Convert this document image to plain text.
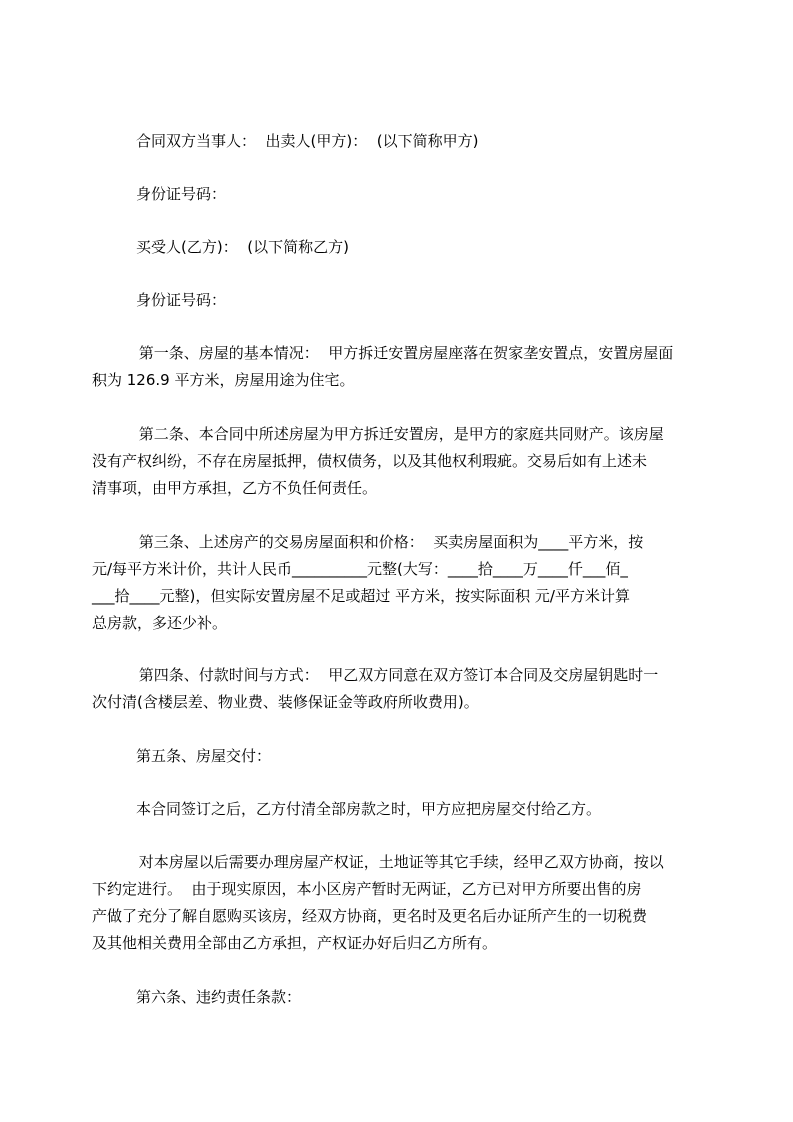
合同双方当事人：  出卖人(甲方)：  (以下简称甲方)
身份证号码：
买受人(乙方)：  (以下简称乙方)
身份证号码：
第一条、房屋的基本情况：  甲方拆迁安置房屋座落在贺家垄安置点，安置房屋面
积为 126.9 平方米，房屋用途为住宅。
第二条、本合同中所述房屋为甲方拆迁安置房，是甲方的家庭共同财产。该房屋
没有产权纠纷，不存在房屋抵押，债权债务，以及其他权利瑕疵。交易后如有上述未
清事项，由甲方承担，乙方不负任何责任。
第三条、上述房产的交易房屋面积和价格：  买卖房屋面积为____平方米，按
元/每平方米计价，共计人民币__________元整(大写：____拾____万____仟___佰_
___拾____元整)，但实际安置房屋不足或超过 平方米，按实际面积 元/平方米计算
总房款，多还少补。
第四条、付款时间与方式：  甲乙双方同意在双方签订本合同及交房屋钥匙时一
次付清(含楼层差、物业费、装修保证金等政府所收费用)。
第五条、房屋交付：
本合同签订之后，乙方付清全部房款之时，甲方应把房屋交付给乙方。
对本房屋以后需要办理房屋产权证，土地证等其它手续，经甲乙双方协商，按以
下约定进行。  由于现实原因，本小区房产暂时无两证，乙方已对甲方所要出售的房
产做了充分了解自愿购买该房，经双方协商，更名时及更名后办证所产生的一切税费
及其他相关费用全部由乙方承担，产权证办好后归乙方所有。
第六条、违约责任条款：
